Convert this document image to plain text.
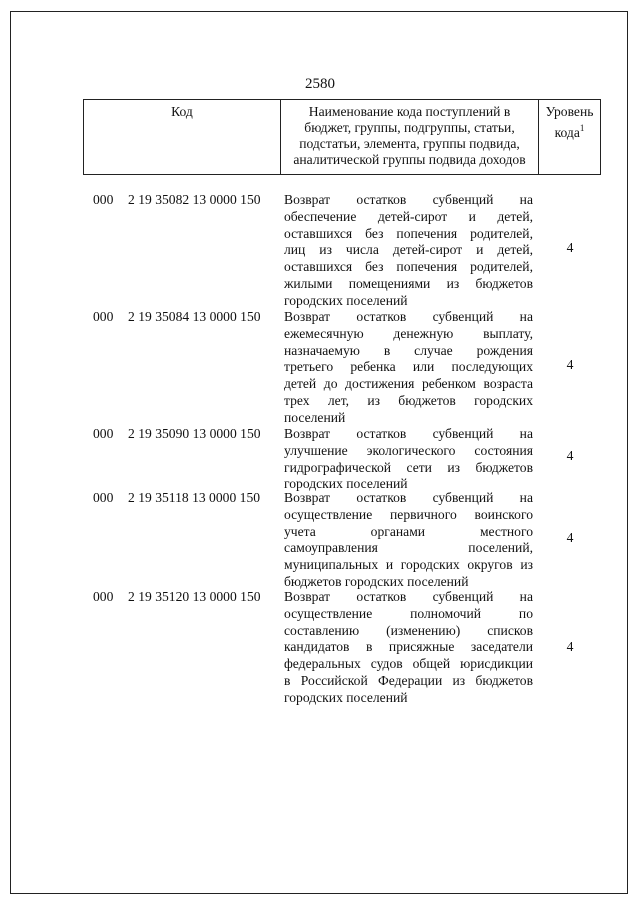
2580
Код	Наименование кода поступлений в
бюджет, группы, подгруппы, статьи,
подстатьи, элемента, группы подвида,
аналитической группы подвида доходов
Уровень
кода$^1$
000 2 19 35082 13 0000 150 Возврат остатков субвенций на
обеспечение детей-сирот и детей,
оставшихся без попечения родителей,
лиц из числа детей-сирот и детей,
оставшихся без попечения родителей,
жилыми помещениями из бюджетов
городских поселений
4
000 2 19 35084 13 0000 150 Возврат остатков субвенций на
ежемесячную денежную выплату,
назначаемую в случае рождения
третьего ребенка или последующих
детей до достижения ребенком возраста
трех лет, из бюджетов городских
поселений
4
000 2 19 35090 13 0000 150 Возврат остатков субвенций на
улучшение экологического состояния
гидрографической сети из бюджетов
городских поселений
4
000 2 19 35118 13 0000 150 Возврат остатков субвенций на
осуществление первичного воинского
учета органами местного
самоуправления поселений,
муниципальных и городских округов из
бюджетов городских поселений
4
000 2 19 35120 13 0000 150 Возврат остатков субвенций на
осуществление полномочий по
составлению (изменению) списков
кандидатов в присяжные заседатели
федеральных судов общей юрисдикции
в Российской Федерации из бюджетов
городских поселений
4
